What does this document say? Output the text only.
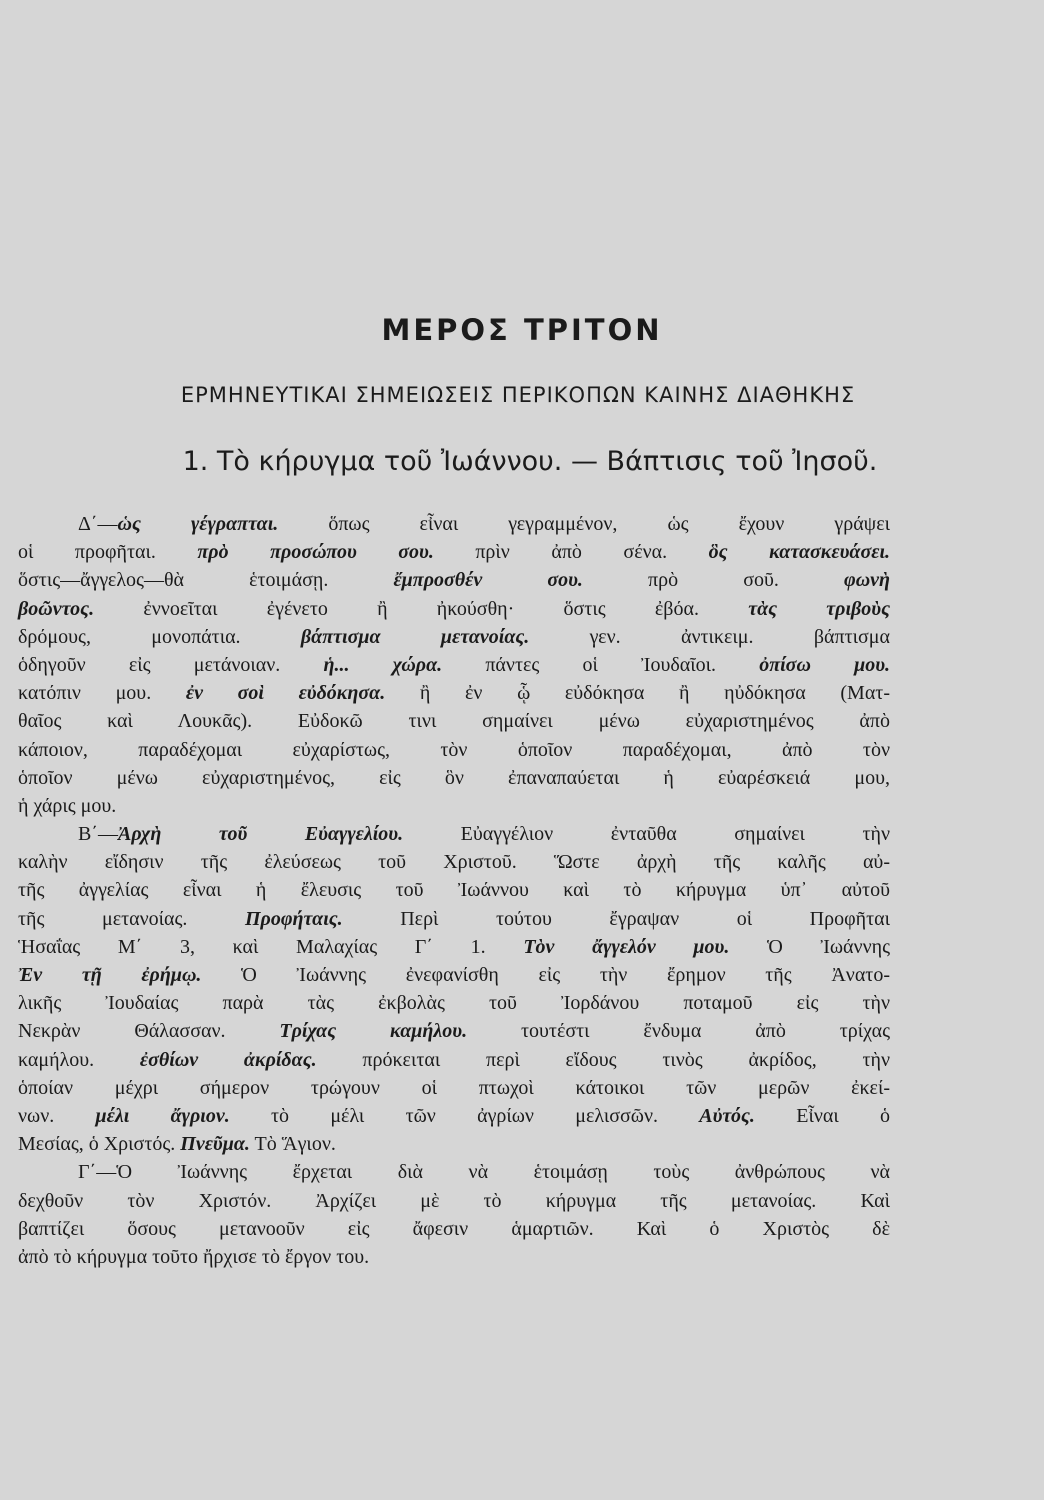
ΜΕΡΟΣ ΤΡΙΤΟΝ
ΕΡΜΗΝΕΥΤΙΚΑΙ ΣΗΜΕΙΩΣΕΙΣ ΠΕΡΙΚΟΠΩΝ ΚΑΙΝΗΣ ΔΙΑΘΗΚΗΣ
1. Τὸ κήρυγμα τοῦ Ἰωάννου. — Βάπτισις τοῦ Ἰησοῦ.
Δ΄—ὡς γέγραπται. ὅπως εἶναι γεγραμμένον, ὡς ἔχουν γράψει
οἱ προφῆται. πρὸ προσώπου σου. πρὶν ἀπὸ σένα. ὃς κατασκευάσει.
ὅστις—ἄγγελος—θὰ ἑτοιμάσῃ. ἔμπροσθέν σου. πρὸ σοῦ. φωνὴ
βοῶντος. ἐννοεῖται ἐγένετο ἢ ἠκούσθη· ὅστις ἐβόα. τὰς τριβοὺς
δρόμους, μονοπάτια. βάπτισμα μετανοίας. γεν. ἀντικειμ. βάπτισμα
ὁδηγοῦν εἰς μετάνοιαν. ἡ... χώρα. πάντες οἱ Ἰουδαῖοι. ὀπίσω μου.
κατόπιν μου. ἐν σοὶ εὐδόκησα. ἢ ἐν ᾧ εὐδόκησα ἢ ηὐδόκησα (Ματ-
θαῖος καὶ Λουκᾶς). Εὐδοκῶ τινι σημαίνει μένω εὐχαριστημένος ἀπὸ
κάποιον, παραδέχομαι εὐχαρίστως, τὸν ὁποῖον παραδέχομαι, ἀπὸ τὸν
ὁποῖον μένω εὐχαριστημένος, εἰς ὃν ἐπαναπαύεται ἡ εὐαρέσκειά μου,
ἡ χάρις μου.
Β΄—Ἀρχὴ τοῦ Εὐαγγελίου. Εὐαγγέλιον ἐνταῦθα σημαίνει τὴν
καλὴν εἴδησιν τῆς ἐλεύσεως τοῦ Χριστοῦ. Ὥστε ἀρχὴ τῆς καλῆς αὐ-
τῆς ἀγγελίας εἶναι ἡ ἔλευσις τοῦ Ἰωάννου καὶ τὸ κήρυγμα ὑπ᾿ αὐτοῦ
τῆς μετανοίας. Προφήταις. Περὶ τούτου ἔγραψαν οἱ Προφῆται
Ἡσαΐας Μ΄ 3, καὶ Μαλαχίας Γ΄ 1. Τὸν ἄγγελόν μου. Ὁ Ἰωάννης
Ἐν τῇ ἐρήμῳ. Ὁ Ἰωάννης ἐνεφανίσθη εἰς τὴν ἔρημον τῆς Ἀνατο-
λικῆς Ἰουδαίας παρὰ τὰς ἐκβολὰς τοῦ Ἰορδάνου ποταμοῦ εἰς τὴν
Νεκρὰν Θάλασσαν. Τρίχας καμήλου. τουτέστι ἔνδυμα ἀπὸ τρίχας
καμήλου. ἐσθίων ἀκρίδας. πρόκειται περὶ εἴδους τινὸς ἀκρίδος, τὴν
ὁποίαν μέχρι σήμερον τρώγουν οἱ πτωχοὶ κάτοικοι τῶν μερῶν ἐκεί-
νων. μέλι ἄγριον. τὸ μέλι τῶν ἀγρίων μελισσῶν. Αὐτός. Εἶναι ὁ
Μεσίας, ὁ Χριστός. Πνεῦμα. Τὸ Ἅγιον.
Γ΄—Ὁ Ἰωάννης ἔρχεται διὰ νὰ ἑτοιμάσῃ τοὺς ἀνθρώπους νὰ
δεχθοῦν τὸν Χριστόν. Ἀρχίζει μὲ τὸ κήρυγμα τῆς μετανοίας. Καὶ
βαπτίζει ὅσους μετανοοῦν εἰς ἄφεσιν ἁμαρτιῶν. Καὶ ὁ Χριστὸς δὲ
ἀπὸ τὸ κήρυγμα τοῦτο ἤρχισε τὸ ἔργον του.
